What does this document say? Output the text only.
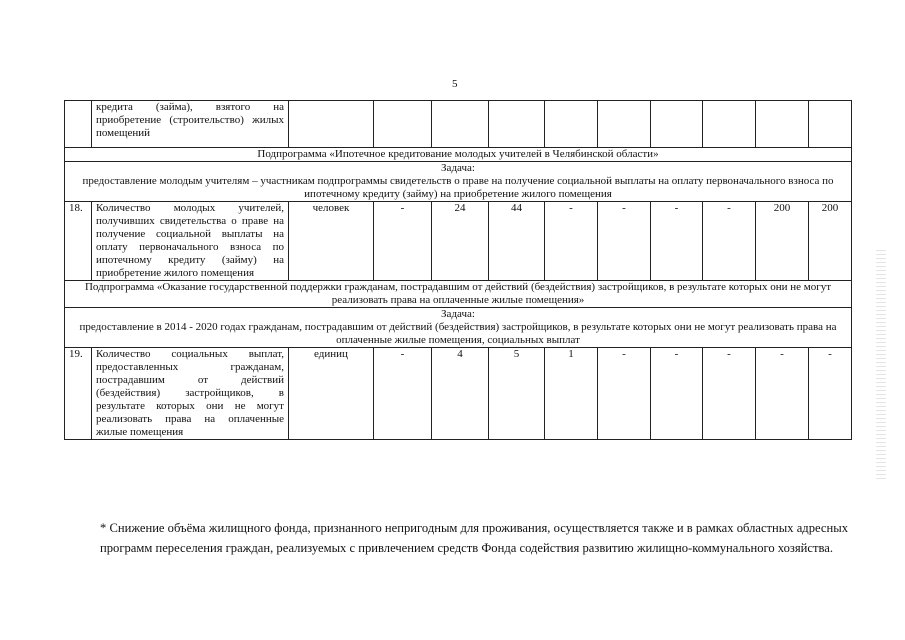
5
	кредита (займа), взятого на приобретение (строительство) жилых помещений										
Подпрограмма «Ипотечное кредитование молодых учителей в Челябинской области»											

Задача:
предоставление молодым учителям – участникам подпрограммы свидетельств о праве на получение социальной выплаты на оплату первоначального взноса по ипотечному кредиту (займу) на приобретение жилого помещения											
18.	Количество молодых учителей, получивших свидетельства о праве на получение социальной выплаты на оплату первоначального взноса по ипотечному кредиту (займу) на приобретение жилого помещения	человек	-	24	44	-	-	-	-	200	200
Подпрограмма «Оказание государственной поддержки гражданам, пострадавшим от действий (бездействия) застройщиков, в результате которых они не могут реализовать права на оплаченные жилые помещения»											

Задача:
предоставление в 2014 - 2020 годах гражданам, пострадавшим от действий (бездействия) застройщиков, в результате которых они не могут реализовать права на оплаченные жилые помещения, социальных выплат											
19.	Количество социальных выплат, предоставленных гражданам, пострадавшим от действий (бездействия) застройщиков, в результате которых они не могут реализовать права на оплаченные жилые помещения	единиц	-	4	5	1	-	-	-	-	-

* Снижение объёма жилищного фонда, признанного непригодным для проживания, осуществляется также и в рамках областных адресных программ переселения граждан, реализуемых с привлечением средств Фонда содействия развитию жилищно-коммунального хозяйства.
